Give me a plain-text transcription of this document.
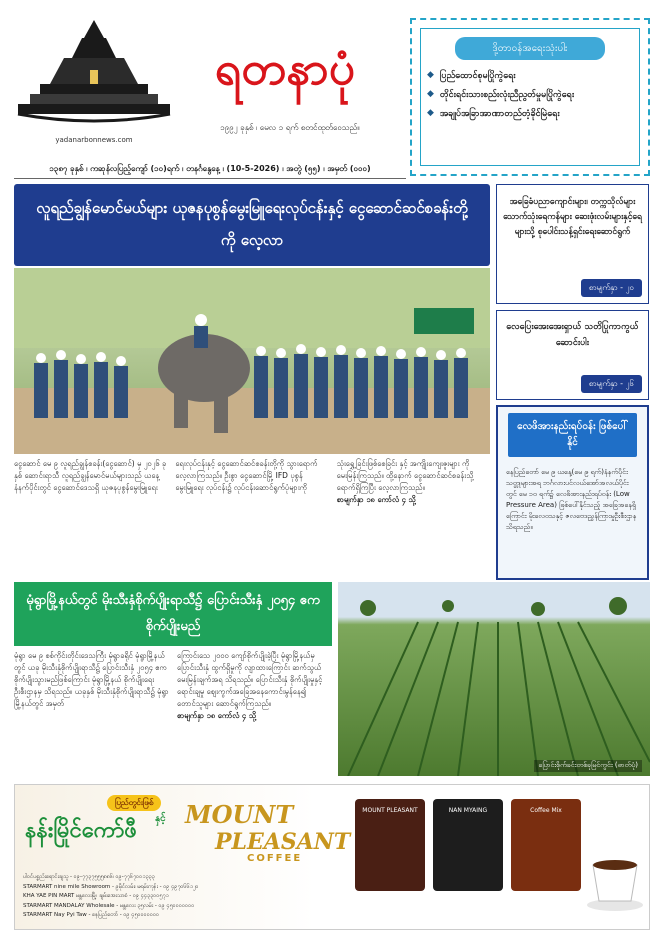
yadanarbonnews.com
ရတနာပုံ
၁၉၉၂ ခုနှစ် ၊ မေလ ၁ ရက် စတင်ထုတ်ဝေသည်။
၁၃၈၇ ခုနှစ် ၊ ကဆုန်လပြည့်ကျော် (၁၀)ရက် ၊ တနင်္ဂနွေနေ့ ၊ (10-5-2026) ၊ အတွဲ (၅၅) ၊ အမှတ် (၀၀၀)
ဒို့တာဝန်အရေးသုံးပါး
◆ ပြည်ထောင်စုမပြိုကွဲရေး
◆ တိုင်းရင်းသားစည်းလုံးညီညွတ်မှုမပြိုကွဲရေး
◆ အချုပ်အခြာအာဏာတည်တံ့ခိုင်မြဲရေး
လူရည်ချွန်မောင်မယ်များ ယုဇနပုစွန်မွေးမြူရေးလုပ်ငန်းနှင့် ငွေဆောင်ဆင်စခန်းတို့ကို လေ့လာ

ငွေဆောင် မေ ၉ လူရည်ချွန်စခန်း(ငွေဆောင်) မှ ၂၀၂၆ ခုနှစ် ဆောင်းရာသီ လူရည်ချွန်မောင်မယ်များသည် ယနေ့ နံနက်ပိုင်းတွင် ငွေဆောင်ဒေသရှိ ယုဇနပုစွန်မွေးမြူရေး

ရေးလုပ်ငန်းနှင့် ငွေဆောင်ဆင်စခန်းတို့ကို သွားရောက် လေ့လာကြသည်။ ဦးစွာ ငွေဆောင်မြို့ IFD ပုစွန်မွေးမြူရေး လုပ်ငန်း၌ လုပ်ငန်းဆောင်ရွက်ပုံများကို

သုံးရွှေ့ခြင်းဖြစ်စေခြင်း နှင့် အကျိုးကျေးဇူးများ ကို မေးမြန်းကြသည်။ ထို့နောက် ငွေဆောင်ဆင်စခန်းသို့ ရောက်ရှိကြပြီး လေ့လာကြသည်။

စာမျက်နှာ ၁၈ ကော်လံ ၄ သို့

အခြေခံပညာကျောင်းများ၊ တက္ကသိုလ်များသောက်သုံးရေကန်များ ဆေးဖုံးလမ်းများနှင့်ရေများသို့ စုပေါင်းသန့်ရှင်းရေးဆောင်ရွက်
စာမျက်နှာ - ၂၀
လေပြေးအေးအေးရှာယ် သတိပြုကာကွယ် ဆောင်းပါး
စာမျက်နှာ - ၂၆
လေဖိအားနည်းရပ်ဝန်း ဖြစ်ပေါ်နိုင်
နေပြည်တော် မေ ၉ ယနေ့(မေ ၉ ရက်)နံနက်ပိုင်းသတ္တုများအရ ဘင်္ဂလားပင်လယ်အော်အလယ်ပိုင်းတွင် မေ ၁၀ ရက်၌ လေဖိအားနည်းရပ်ဝန်း (Low Pressure Area) ဖြစ်ပေါ်နိုင်သည့် အခြေအနေရှိကြောင်း မိုးလေဝသနှင့် ဇလဗေဒညွှန်ကြားမှုဦးစီးဌာန သိရသည်။
မုံရွာမြို့နယ်တွင် မိုးသီးနှံစိုက်ပျိုးရာသီ၌ ပြောင်းသီးနှံ ၂၀၅၄ ဧက စိုက်ပျိုးမည်

မုံရွာ မေ ၉ စစ်ကိုင်းတိုင်းဒေသကြီး မုံရွာခရိုင် မုံရွာမြို့နယ်တွင် ယခု မိုးသီးနှံစိုက်ပျိုးရာသီ၌ ပြောင်းသီးနှံ ၂၀၅၄ ဧက စိုက်ပျိုးသွားမည်ဖြစ်ကြောင်း မုံရွာမြို့နယ် စိုက်ပျိုးရေးဦးစီးဌာနမှ သိရသည်။ ယခုနှစ် မိုးသီးနှံစိုက်ပျိုးရာသီ၌ မုံရွာမြို့နယ်တွင် အမှတ်

ကြောင်းသေ ၂၀၀၀ ကျော်စိုက်ပျိုးခဲ့ပြီး မုံရွာမြို့နယ်မှ ပြောင်းသီးနှံ ထွက်ရှိမှုကို လျာထားကြောင်း ဆက်သွယ်မေးမြန်းချက်အရ သိရသည်။ ပြောင်းသီးနှံ စိုက်ပျိုးမှုနှင့် ရောင်းချမှု စျေးကွက်အခြေအနေကောင်းမွန်နေ၍ တောင်သူများ ဆောင်ရွက်ကြသည်။

စာမျက်နှာ ၁၈ ကော်လံ ၄ သို့

ပြောင်းစိုက်ခင်းတစ်ခုမြင်ကွင်း (ဓာတ်ပုံ)
ပြည်တွင်းဖြစ်
နန်းမြိုင်ကော်ဖီ နှင့် MOUNT
PLEASANT
COFFEE
ပါဝင်ပစ္စည်းရောင်းချသူ - ၀၉-၇၇၃၇၅၅၅၈၈၆၊ ၀၉-၇၇၆၇၀၀၁၃၃၃
STARMART nine mile Showroom - ၉မိုင်လမ်း၊ မရမ်းကုန်း - ၀၉ ၄၉၇၀၆၆၁၂၀
KHA YAE PIN MART မန္တလေးမြို့၊ ချမ်းအေးသာစံ - ၀၉ ၄၄၃၃၀၀၅၇၁
STARMART MANDALAY Wholesale - မန္တလေး ၃၅လမ်း - ၀၉ ၄၅၀၀၀၀၀၀၀
STARMART Nay Pyi Taw - နေပြည်တော် - ၀၉ ၄၅၀၀၀၀၀၀၀
MOUNT PLEASANT	NAN MYAING	Coffee Mix
